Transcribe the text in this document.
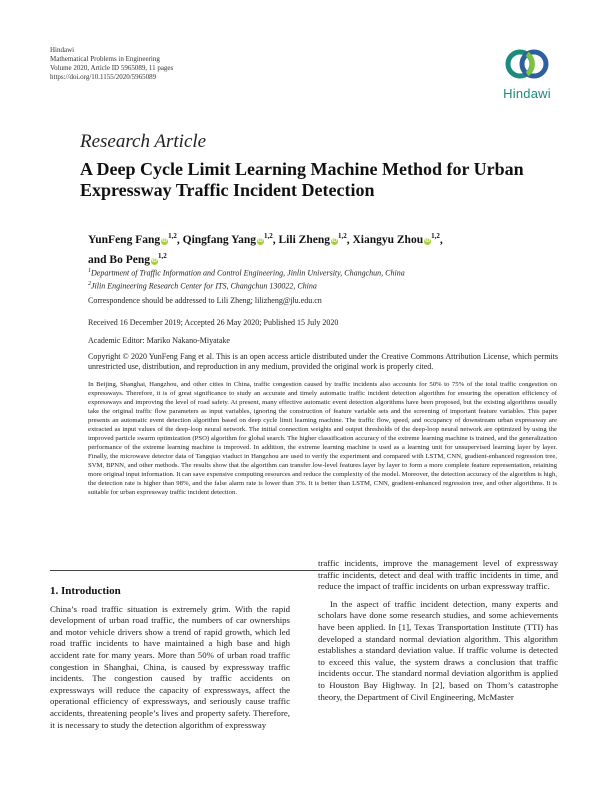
Hindawi
Mathematical Problems in Engineering
Volume 2020, Article ID 5965089, 11 pages
https://doi.org/10.1155/2020/5965089
Hindawi
Research Article
A Deep Cycle Limit Learning Machine Method for Urban Expressway Traffic Incident Detection
YunFeng Fang iD$^{1,2}$, Qingfang Yang iD$^{1,2}$, Lili Zheng iD$^{1,2}$, Xiangyu Zhou iD$^{1,2}$,
and Bo Peng iD$^{1,2}$
$^1$Department of Traffic Information and Control Engineering, Jinlin University, Changchun, China
$^2$Jilin Engineering Research Center for ITS, Changchun 130022, China
Correspondence should be addressed to Lili Zheng; lilizheng@jlu.edu.cn
Received 16 December 2019; Accepted 26 May 2020; Published 15 July 2020
Academic Editor: Mariko Nakano-Miyatake
Copyright © 2020 YunFeng Fang et al. This is an open access article distributed under the Creative Commons Attribution License, which permits unrestricted use, distribution, and reproduction in any medium, provided the original work is properly cited.
In Beijing, Shanghai, Hangzhou, and other cities in China, traffic congestion caused by traffic incidents also accounts for 50% to 75% of the total traffic congestion on expressways. Therefore, it is of great significance to study an accurate and timely automatic traffic incident detection algorithm for ensuring the operation efficiency of expressways and improving the level of road safety. At present, many effective automatic event detection algorithms have been proposed, but the existing algorithms usually take the original traffic flow parameters as input variables, ignoring the construction of feature variable sets and the screening of important feature variables. This paper presents an automatic event detection algorithm based on deep cycle limit learning machine. The traffic flow, speed, and occupancy of downstream urban expressway are extracted as input values of the deep-loop neural network. The initial connection weights and output thresholds of the deep-loop neural network are optimized by using the improved particle swarm optimization (PSO) algorithm for global search. The higher classification accuracy of the extreme learning machine is trained, and the generalization performance of the extreme learning machine is improved. In addition, the extreme learning machine is used as a learning unit for unsupervised learning layer by layer. Finally, the microwave detector data of Tangqiao viaduct in Hangzhou are used to verify the experiment and compared with LSTM, CNN, gradient-enhanced regression tree, SVM, BPNN, and other methods. The results show that the algorithm can transfer low-level features layer by layer to form a more complete feature representation, retaining more original input information. It can save expensive computing resources and reduce the complexity of the model. Moreover, the detection accuracy of the algorithm is high, the detection rate is higher than 98%, and the false alarm rate is lower than 3%. It is better than LSTM, CNN, gradient-enhanced regression tree, and other algorithms. It is suitable for urban expressway traffic incident detection.
1. Introduction

China’s road traffic situation is extremely grim. With the rapid development of urban road traffic, the numbers of car ownerships and motor vehicle drivers show a trend of rapid growth, which led road traffic incidents to have maintained a high base and high accident rate for many years. More than 50% of urban road traffic congestion in Shanghai, China, is caused by expressway traffic incidents. The congestion caused by traffic accidents on expressways will reduce the capacity of expressways, affect the operational efficiency of expressways, and seriously cause traffic accidents, threatening people’s lives and property safety. Therefore, it is necessary to study the detection algorithm of expressway

traffic incidents, improve the management level of expressway traffic incidents, detect and deal with traffic incidents in time, and reduce the impact of traffic incidents on urban expressway traffic.

In the aspect of traffic incident detection, many experts and scholars have done some research studies, and some achievements have been applied. In [1], Texas Transportation Institute (TTI) has developed a standard normal deviation algorithm. This algorithm establishes a standard deviation value. If traffic volume is detected to exceed this value, the system draws a conclusion that traffic incidents occur. The standard normal deviation algorithm is applied to Houston Bay Highway. In [2], based on Thom’s catastrophe theory, the Department of Civil Engineering, McMaster
